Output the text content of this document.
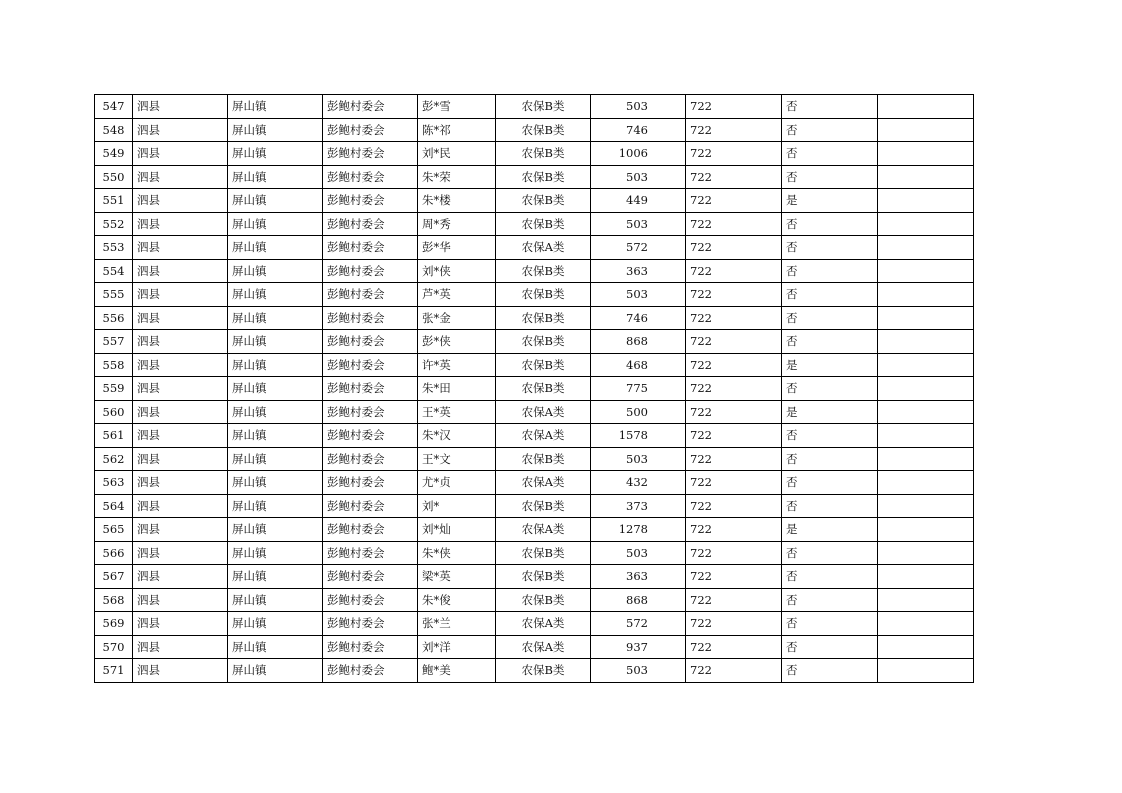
547	泗县	屏山镇	彭鲍村委会	彭*雪	农保B类	503	722	否	
548	泗县	屏山镇	彭鲍村委会	陈*祁	农保B类	746	722	否	
549	泗县	屏山镇	彭鲍村委会	刘*民	农保B类	1006	722	否	
550	泗县	屏山镇	彭鲍村委会	朱*荣	农保B类	503	722	否	
551	泗县	屏山镇	彭鲍村委会	朱*楼	农保B类	449	722	是	
552	泗县	屏山镇	彭鲍村委会	周*秀	农保B类	503	722	否	
553	泗县	屏山镇	彭鲍村委会	彭*华	农保A类	572	722	否	
554	泗县	屏山镇	彭鲍村委会	刘*侠	农保B类	363	722	否	
555	泗县	屏山镇	彭鲍村委会	芦*英	农保B类	503	722	否	
556	泗县	屏山镇	彭鲍村委会	张*金	农保B类	746	722	否	
557	泗县	屏山镇	彭鲍村委会	彭*侠	农保B类	868	722	否	
558	泗县	屏山镇	彭鲍村委会	许*英	农保B类	468	722	是	
559	泗县	屏山镇	彭鲍村委会	朱*田	农保B类	775	722	否	
560	泗县	屏山镇	彭鲍村委会	王*英	农保A类	500	722	是	
561	泗县	屏山镇	彭鲍村委会	朱*汉	农保A类	1578	722	否	
562	泗县	屏山镇	彭鲍村委会	王*文	农保B类	503	722	否	
563	泗县	屏山镇	彭鲍村委会	尤*贞	农保A类	432	722	否	
564	泗县	屏山镇	彭鲍村委会	刘*	农保B类	373	722	否	
565	泗县	屏山镇	彭鲍村委会	刘*灿	农保A类	1278	722	是	
566	泗县	屏山镇	彭鲍村委会	朱*侠	农保B类	503	722	否	
567	泗县	屏山镇	彭鲍村委会	梁*英	农保B类	363	722	否	
568	泗县	屏山镇	彭鲍村委会	朱*俊	农保B类	868	722	否	
569	泗县	屏山镇	彭鲍村委会	张*兰	农保A类	572	722	否	
570	泗县	屏山镇	彭鲍村委会	刘*洋	农保A类	937	722	否	
571	泗县	屏山镇	彭鲍村委会	鲍*美	农保B类	503	722	否	
